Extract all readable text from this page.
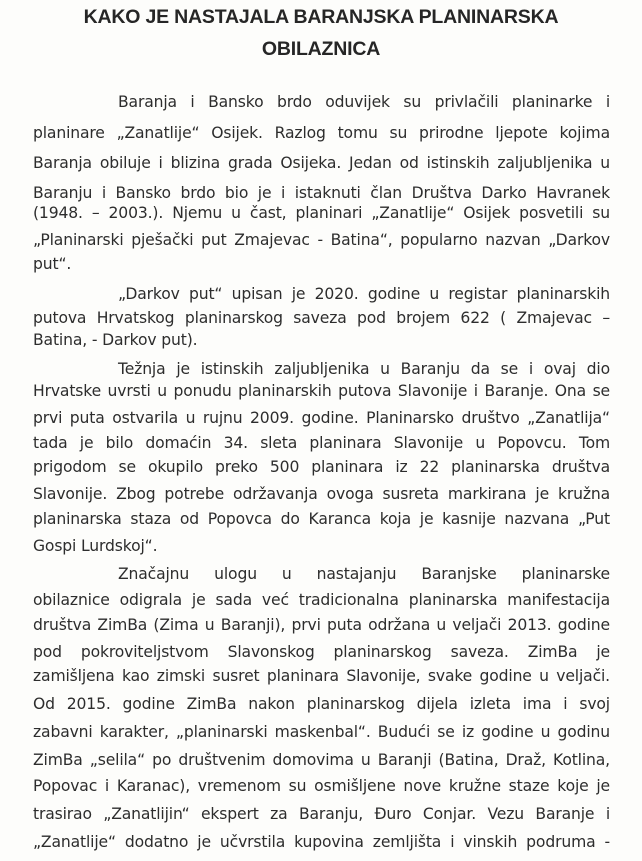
KAKO JE NASTAJALA BARANJSKA PLANINARSKA
OBILAZNICA
Baranja i Bansko brdo oduvijek su privlačili planinarke i
planinare „Zanatlije“ Osijek. Razlog tomu su prirodne ljepote kojima
Baranja obiluje i blizina grada Osijeka. Jedan od istinskih zaljubljenika u
Baranju i Bansko brdo bio je i istaknuti član Društva Darko Havranek
(1948. – 2003.). Njemu u čast, planinari „Zanatlije“ Osijek posvetili su
„Planinarski pješački put Zmajevac - Batina“, popularno nazvan „Darkov
put“.
„Darkov put“ upisan je 2020. godine u registar planinarskih
putova Hrvatskog planinarskog saveza pod brojem 622 ( Zmajevac –
Batina, - Darkov put).
Težnja je istinskih zaljubljenika u Baranju da se i ovaj dio
Hrvatske uvrsti u ponudu planinarskih putova Slavonije i Baranje. Ona se
prvi puta ostvarila u rujnu 2009. godine. Planinarsko društvo „Zanatlija“
tada je bilo domaćin 34. sleta planinara Slavonije u Popovcu. Tom
prigodom se okupilo preko 500 planinara iz 22 planinarska društva
Slavonije. Zbog potrebe održavanja ovoga susreta markirana je kružna
planinarska staza od Popovca do Karanca koja je kasnije nazvana „Put
Gospi Lurdskoj“.
Značajnu ulogu u nastajanju Baranjske planinarske
obilaznice odigrala je sada već tradicionalna planinarska manifestacija
društva ZimBa (Zima u Baranji), prvi puta održana u veljači 2013. godine
pod pokroviteljstvom Slavonskog planinarskog saveza. ZimBa je
zamišljena kao zimski susret planinara Slavonije, svake godine u veljači.
Od 2015. godine ZimBa nakon planinarskog dijela izleta ima i svoj
zabavni karakter, „planinarski maskenbal“. Budući se iz godine u godinu
ZimBa „selila“ po društvenim domovima u Baranji (Batina, Draž, Kotlina,
Popovac i Karanac), vremenom su osmišljene nove kružne staze koje je
trasirao „Zanatlijin“ ekspert za Baranju, Đuro Conjar. Vezu Baranje i
„Zanatlije“ dodatno je učvrstila kupovina zemljišta i vinskih podruma -
